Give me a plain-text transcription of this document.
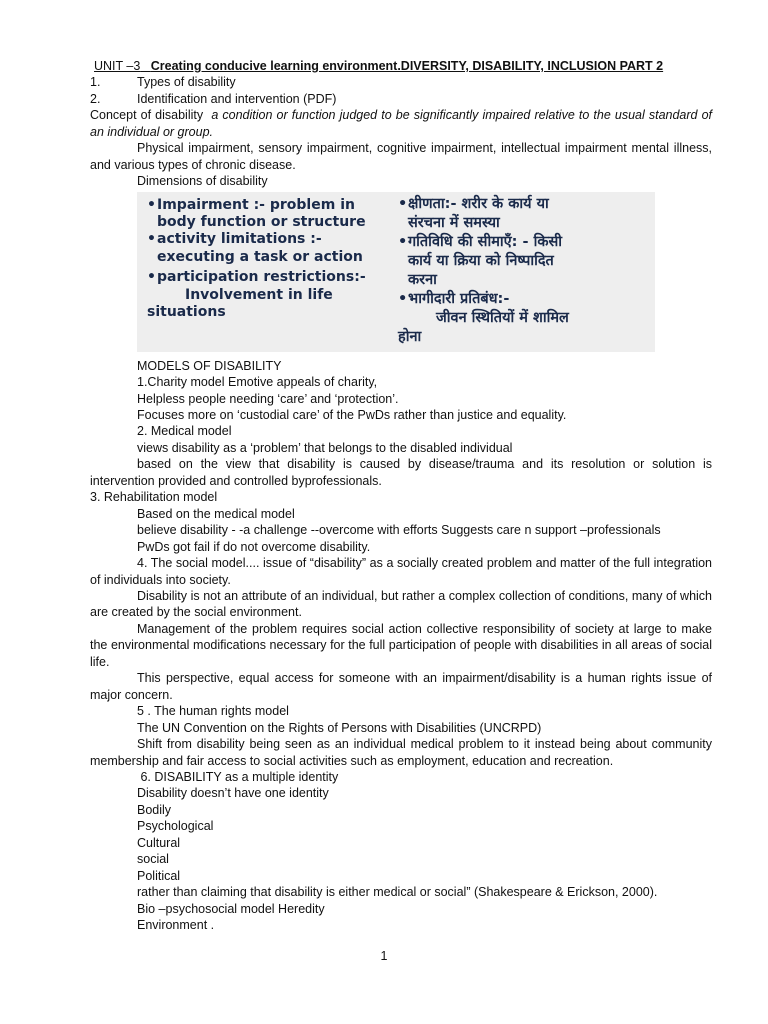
UNIT –3 Creating conducive learning environment.DIVERSITY, DISABILITY, INCLUSION PART 2

1.	Types of disability
2.	Identification and intervention (PDF)

Concept of disability a condition or function judged to be significantly impaired relative to the usual standard of an individual or group.

Physical impairment, sensory impairment, cognitive impairment, intellectual impairment mental illness, and various types of chronic disease.

Dimensions of disability

• Impairment :- problem in
body function or structure
• activity limitations :-
executing a task or action
• participation restrictions:-
Involvement in life
situations
• क्षीणता:- शरीर के कार्य या
संरचना में समस्या
• गतिविधि की सीमाएँ: - किसी
कार्य या क्रिया को निष्पादित
करना
• भागीदारी प्रतिबंध:-
जीवन स्थितियों में शामिल
होना

MODELS OF DISABILITY

1.Charity model Emotive appeals of charity,

Helpless people needing ‘care’ and ‘protection’.

Focuses more on ‘custodial care’ of the PwDs rather than justice and equality.

2. Medical model

views disability as a ‘problem’ that belongs to the disabled individual

based on the view that disability is caused by disease/trauma and its resolution or solution is intervention provided and controlled byprofessionals.

3. Rehabilitation model

Based on the medical model

believe disability - -a challenge --overcome with efforts Suggests care n support –professionals

PwDs got fail if do not overcome disability.

4. The social model.... issue of “disability” as a socially created problem and matter of the full integration of individuals into society.

Disability is not an attribute of an individual, but rather a complex collection of conditions, many of which are created by the social environment.

Management of the problem requires social action collective responsibility of society at large to make the environmental modifications necessary for the full participation of people with disabilities in all areas of social life.

This perspective, equal access for someone with an impairment/disability is a human rights issue of major concern.

5 . The human rights model

The UN Convention on the Rights of Persons with Disabilities (UNCRPD)

Shift from disability being seen as an individual medical problem to it instead being about community membership and fair access to social activities such as employment, education and recreation.

6. DISABILITY as a multiple identity

Disability doesn’t have one identity

Bodily

Psychological

Cultural

social

Political

rather than claiming that disability is either medical or social” (Shakespeare & Erickson, 2000).

Bio –psychosocial model Heredity

Environment .

1
